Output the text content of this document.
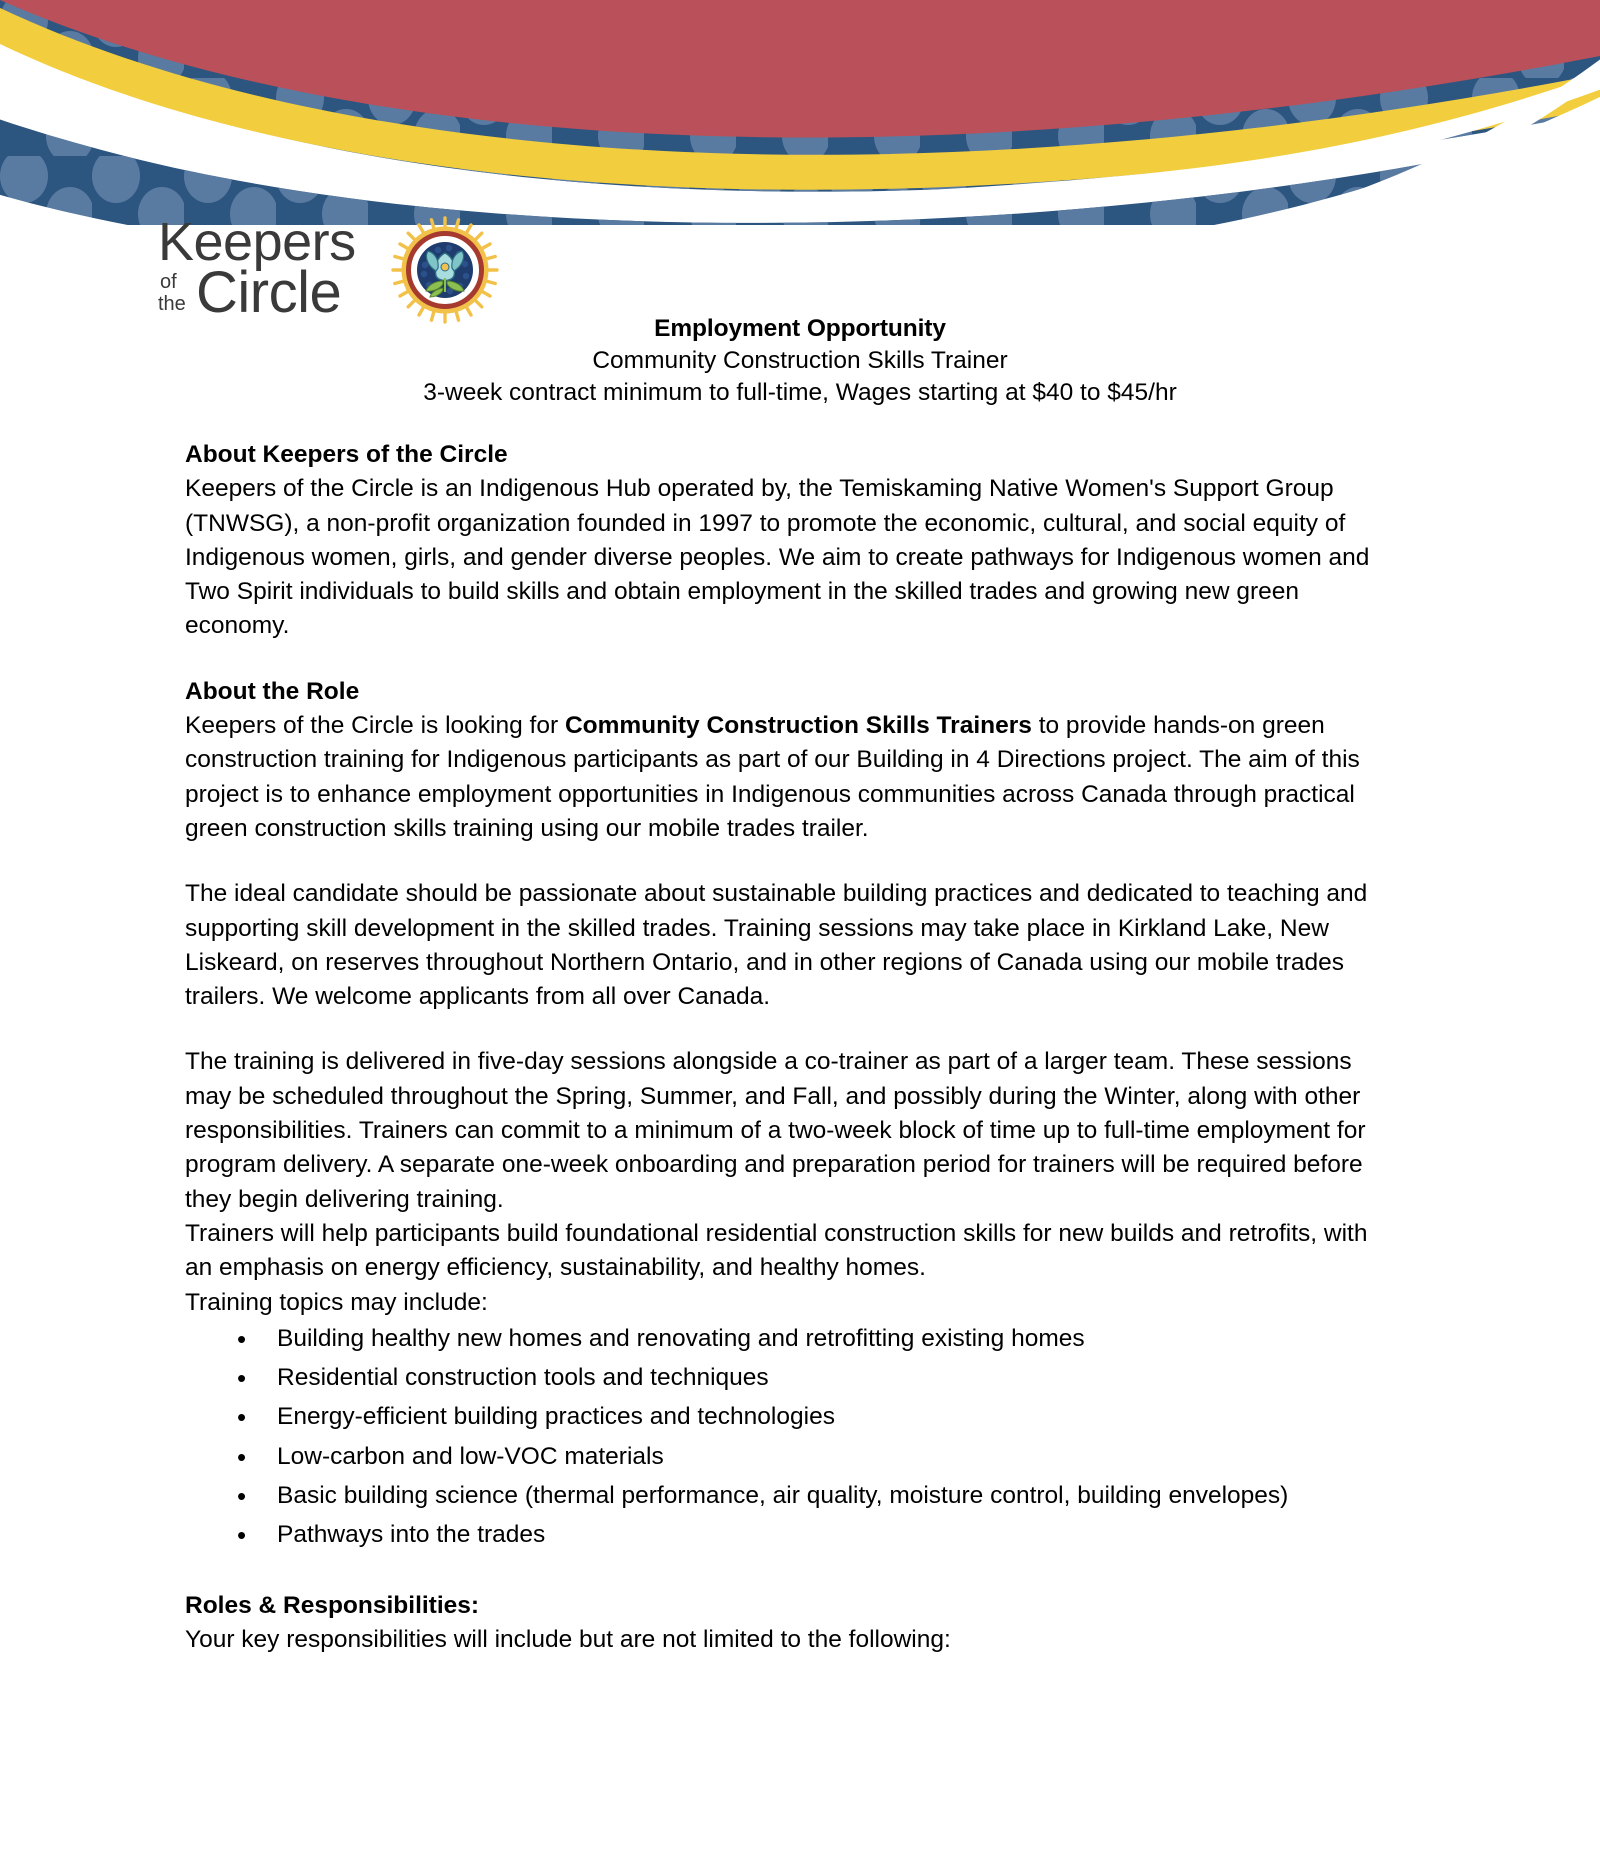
Keepers
of
the Circle
Employment Opportunity
Community Construction Skills Trainer
3-week contract minimum to full-time, Wages starting at $40 to $45/hr
About Keepers of the Circle

Keepers of the Circle is an Indigenous Hub operated by, the Temiskaming Native Women's Support Group (TNWSG), a non-profit organization founded in 1997 to promote the economic, cultural, and social equity of Indigenous women, girls, and gender diverse peoples. We aim to create pathways for Indigenous women and Two Spirit individuals to build skills and obtain employment in the skilled trades and growing new green economy.

About the Role

Keepers of the Circle is looking for Community Construction Skills Trainers to provide hands-on green construction training for Indigenous participants as part of our Building in 4 Directions project. The aim of this project is to enhance employment opportunities in Indigenous communities across Canada through practical green construction skills training using our mobile trades trailer.

The ideal candidate should be passionate about sustainable building practices and dedicated to teaching and supporting skill development in the skilled trades. Training sessions may take place in Kirkland Lake, New Liskeard, on reserves throughout Northern Ontario, and in other regions of Canada using our mobile trades trailers. We welcome applicants from all over Canada.

The training is delivered in five-day sessions alongside a co-trainer as part of a larger team. These sessions may be scheduled throughout the Spring, Summer, and Fall, and possibly during the Winter, along with other responsibilities. Trainers can commit to a minimum of a two-week block of time up to full-time employment for program delivery. A separate one-week onboarding and preparation period for trainers will be required before they begin delivering training.

Trainers will help participants build foundational residential construction skills for new builds and retrofits, with an emphasis on energy efficiency, sustainability, and healthy homes.

Training topics may include:

• Building healthy new homes and renovating and retrofitting existing homes
• Residential construction tools and techniques
• Energy-efficient building practices and technologies
• Low-carbon and low-VOC materials
• Basic building science (thermal performance, air quality, moisture control, building envelopes)
• Pathways into the trades
Roles & Responsibilities:

Your key responsibilities will include but are not limited to the following:
